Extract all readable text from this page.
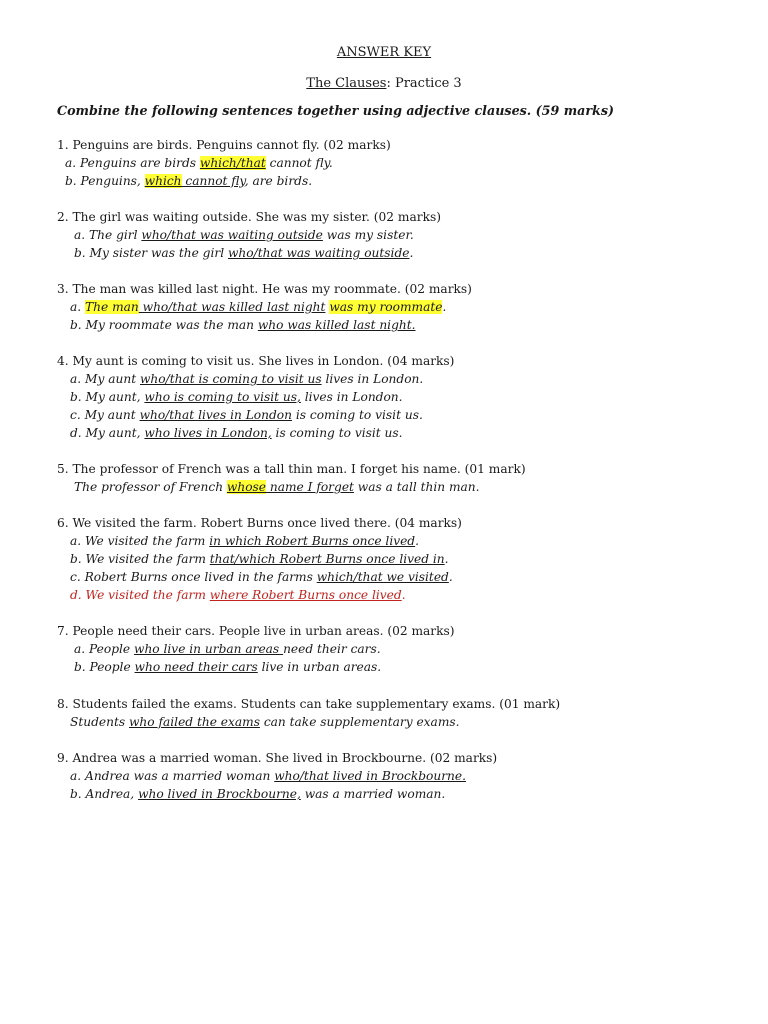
ANSWER KEY
The Clauses: Practice 3
Combine the following sentences together using adjective clauses. (59 marks)
1. Penguins are birds. Penguins cannot fly. (02 marks)
a. Penguins are birds which/that cannot fly.
b. Penguins, which cannot fly, are birds.
2. The girl was waiting outside. She was my sister. (02 marks)
a. The girl who/that was waiting outside was my sister.
b. My sister was the girl who/that was waiting outside.
3. The man was killed last night. He was my roommate. (02 marks)
a. The man who/that was killed last night was my roommate.
b. My roommate was the man who was killed last night.
4. My aunt is coming to visit us. She lives in London. (04 marks)
a. My aunt who/that is coming to visit us lives in London.
b. My aunt, who is coming to visit us, lives in London.
c. My aunt who/that lives in London is coming to visit us.
d. My aunt, who lives in London, is coming to visit us.
5. The professor of French was a tall thin man. I forget his name. (01 mark)
The professor of French whose name I forget was a tall thin man.
6. We visited the farm. Robert Burns once lived there. (04 marks)
a. We visited the farm in which Robert Burns once lived.
b. We visited the farm that/which Robert Burns once lived in.
c. Robert Burns once lived in the farms which/that we visited.
d. We visited the farm where Robert Burns once lived.
7. People need their cars. People live in urban areas. (02 marks)
a. People who live in urban areas need their cars.
b. People who need their cars live in urban areas.
8. Students failed the exams. Students can take supplementary exams. (01 mark)
Students who failed the exams can take supplementary exams.
9. Andrea was a married woman. She lived in Brockbourne. (02 marks)
a. Andrea was a married woman who/that lived in Brockbourne.
b. Andrea, who lived in Brockbourne, was a married woman.
